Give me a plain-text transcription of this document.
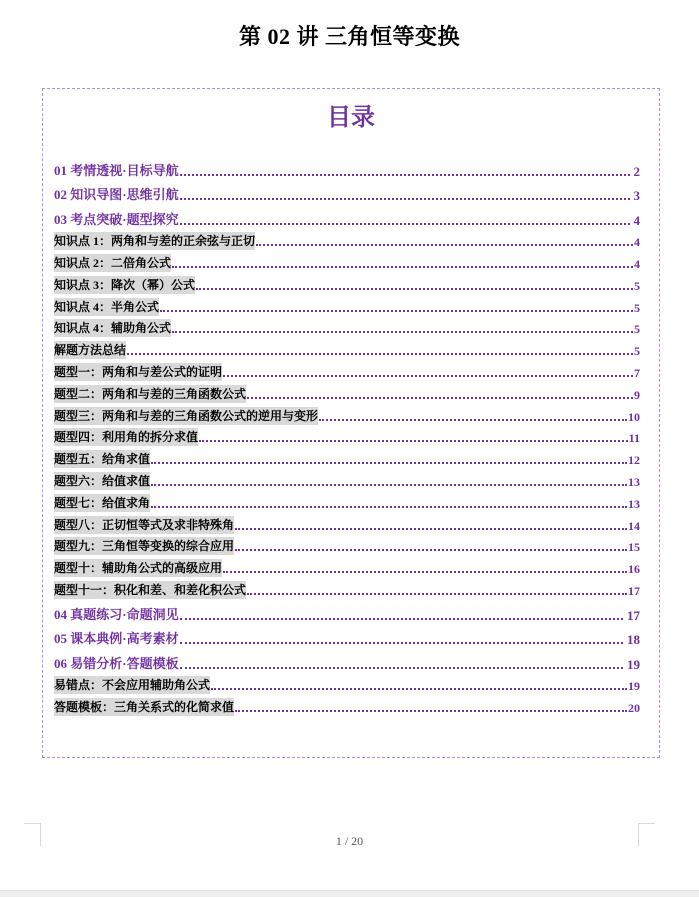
第 02 讲 三角恒等变换
目录
01 考情透视·目标导航	2
02 知识导图·思维引航	3
03 考点突破·题型探究	4
知识点 1：两角和与差的正余弦与正切	4
知识点 2：二倍角公式	4
知识点 3：降次（幂）公式	5
知识点 4：半角公式	5
知识点 4：辅助角公式	5
解题方法总结	5
题型一：两角和与差公式的证明	7
题型二：两角和与差的三角函数公式	9
题型三：两角和与差的三角函数公式的逆用与变形	10
题型四：利用角的拆分求值	11
题型五：给角求值	12
题型六：给值求值	13
题型七：给值求角	13
题型八：正切恒等式及求非特殊角	14
题型九：三角恒等变换的综合应用	15
题型十：辅助角公式的高级应用	16
题型十一：积化和差、和差化积公式	17
04 真题练习·命题洞见	17
05 课本典例·高考素材	18
06 易错分析·答题模板	19
易错点：不会应用辅助角公式	19
答题模板：三角关系式的化简求值	20
1 / 20
